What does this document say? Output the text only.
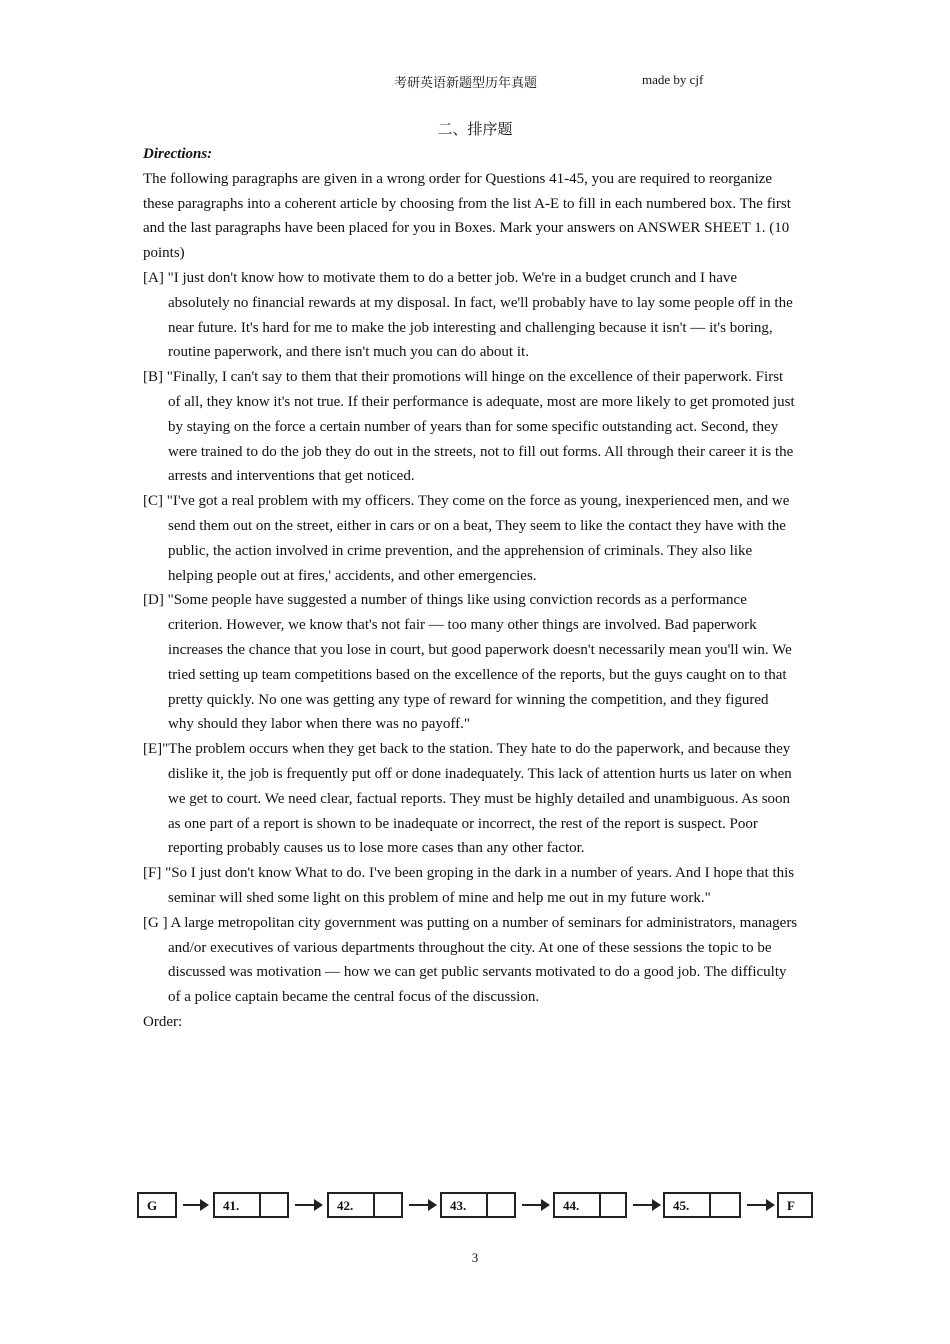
考研英语新题型历年真题	made by cjf
二、排序题
Directions:
The following paragraphs are given in a wrong order for Questions 41-45, you are required to reorganize these paragraphs into a coherent article by choosing from the list A-E to fill in each numbered box. The first and the last paragraphs have been placed for you in Boxes. Mark your answers on ANSWER SHEET 1. (10 points)
[A] "I just don't know how to motivate them to do a better job. We're in a budget crunch and I have absolutely no financial rewards at my disposal. In fact, we'll probably have to lay some people off in the near future. It's hard for me to make the job interesting and challenging because it isn't — it's boring, routine paperwork, and there isn't much you can do about it.
[B] "Finally, I can't say to them that their promotions will hinge on the excellence of their paperwork. First of all, they know it's not true. If their performance is adequate, most are more likely to get promoted just by staying on the force a certain number of years than for some specific outstanding act. Second, they were trained to do the job they do out in the streets, not to fill out forms. All through their career it is the arrests and interventions that get noticed.
[C] "I've got a real problem with my officers. They come on the force as young, inexperienced men, and we send them out on the street, either in cars or on a beat, They seem to like the contact they have with the public, the action involved in crime prevention, and the apprehension of criminals. They also like helping people out at fires,' accidents, and other emergencies.
[D] "Some people have suggested a number of things like using conviction records as a performance criterion. However, we know that's not fair — too many other things are involved. Bad paperwork increases the chance that you lose in court, but good paperwork doesn't necessarily mean you'll win. We tried setting up team competitions based on the excellence of the reports, but the guys caught on to that pretty quickly. No one was getting any type of reward for winning the competition, and they figured why should they labor when there was no payoff."
[E]"The problem occurs when they get back to the station. They hate to do the paperwork, and because they dislike it, the job is frequently put off or done inadequately. This lack of attention hurts us later on when we get to court. We need clear, factual reports. They must be highly detailed and unambiguous. As soon as one part of a report is shown to be inadequate or incorrect, the rest of the report is suspect. Poor reporting probably causes us to lose more cases than any other factor.
[F] "So I just don't know What to do. I've been groping in the dark in a number of years. And I hope that this seminar will shed some light on this problem of mine and help me out in my future work."
[G ] A large metropolitan city government was putting on a number of seminars for administrators, managers and/or executives of various departments throughout the city. At one of these sessions the topic to be discussed was motivation — how we can get public servants motivated to do a good job. The difficulty of a police captain became the central focus of the discussion.
Order:
G	41.	42.	43.	44.	45.	F
3
